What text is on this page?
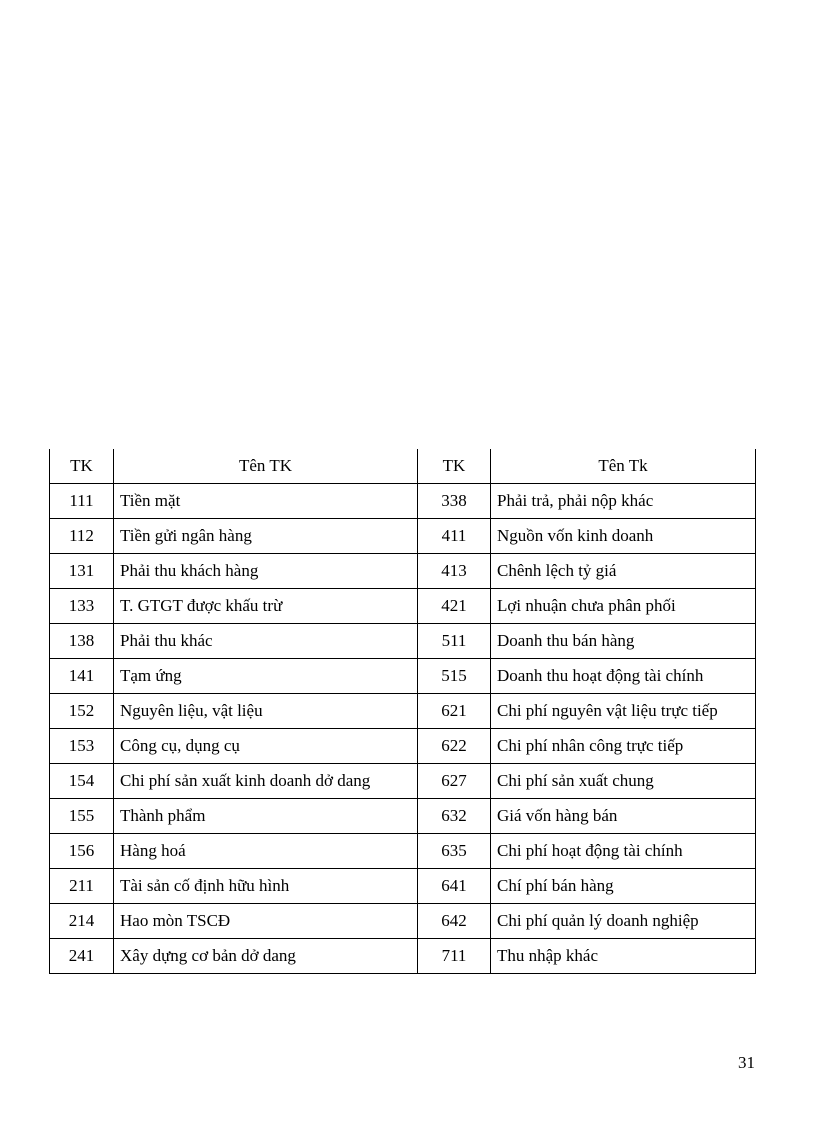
TK	Tên TK	TK	Tên Tk
111	Tiền mặt	338	Phải trả, phải nộp khác
112	Tiền gửi ngân hàng	411	Nguồn vốn kinh doanh
131	Phải thu khách hàng	413	Chênh lệch tỷ giá
133	T. GTGT được khấu trừ	421	Lợi nhuận chưa phân phối
138	Phải thu khác	511	Doanh thu bán hàng
141	Tạm ứng	515	Doanh thu hoạt động tài chính
152	Nguyên liệu, vật liệu	621	Chi phí nguyên vật liệu trực tiếp
153	Công cụ, dụng cụ	622	Chi phí nhân công trực tiếp
154	Chi phí sản xuất kinh doanh dở dang	627	Chi phí sản xuất chung
155	Thành phẩm	632	Giá vốn hàng bán
156	Hàng hoá	635	Chi phí hoạt động tài chính
211	Tài sản cố định hữu hình	641	Chí phí bán hàng
214	Hao mòn TSCĐ	642	Chi phí quản lý doanh nghiệp
241	Xây dựng cơ bản dở dang	711	Thu nhập khác
31
